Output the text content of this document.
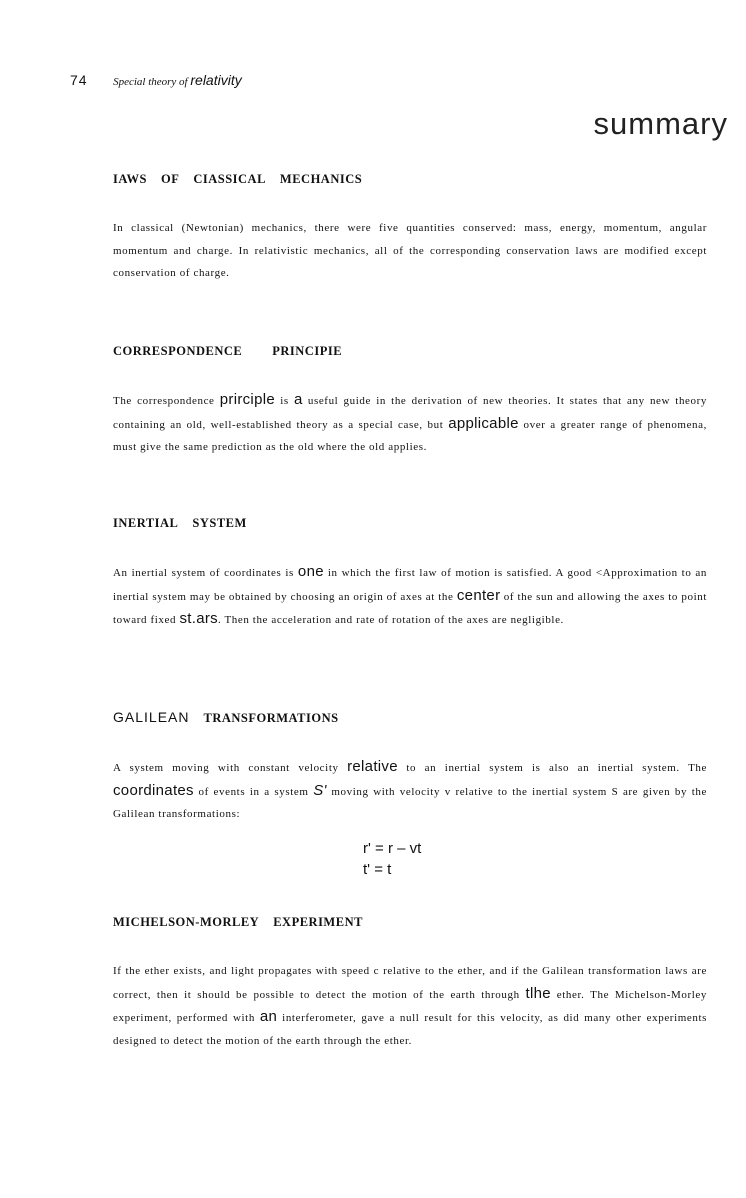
74 Special theory of relativity
summary
IAWS OF CIASSICAL MECHANICS

In classical (Newtonian) mechanics, there were five quantities conserved: mass, energy, momentum, angular momentum and charge. In relativistic mechanics, all of the corresponding conservation laws are modified except conservation of charge.

CORRESPONDENCE PRINCIPIE

The correspondence prirciple is a useful guide in the derivation of new theories. It states that any new theory containing an old, well-established theory as a special case, but applicable over a greater range of phenomena, must give the same prediction as the old where the old applies.

INERTIAL SYSTEM

An inertial system of coordinates is one in which the first law of motion is satisfied. A good <Approximation to an inertial system may be obtained by choosing an origin of axes at the center of the sun and allowing the axes to point toward fixed st.ars. Then the acceleration and rate of rotation of the axes are negligible.

GALILEAN TRANSFORMATIONS

A system moving with constant velocity relative to an inertial system is also an inertial system. The coordinates of events in a system S' moving with velocity v relative to the inertial system S are given by the Galilean transformations:

r' = r – vt
t' = t
MICHELSON-MORLEY EXPERIMENT

If the ether exists, and light propagates with speed c relative to the ether, and if the Galilean transformation laws are correct, then it should be possible to detect the motion of the earth through tlhe ether. The Michelson-Morley experiment, performed with an interferometer, gave a null result for this velocity, as did many other experiments designed to detect the motion of the earth through the ether.
